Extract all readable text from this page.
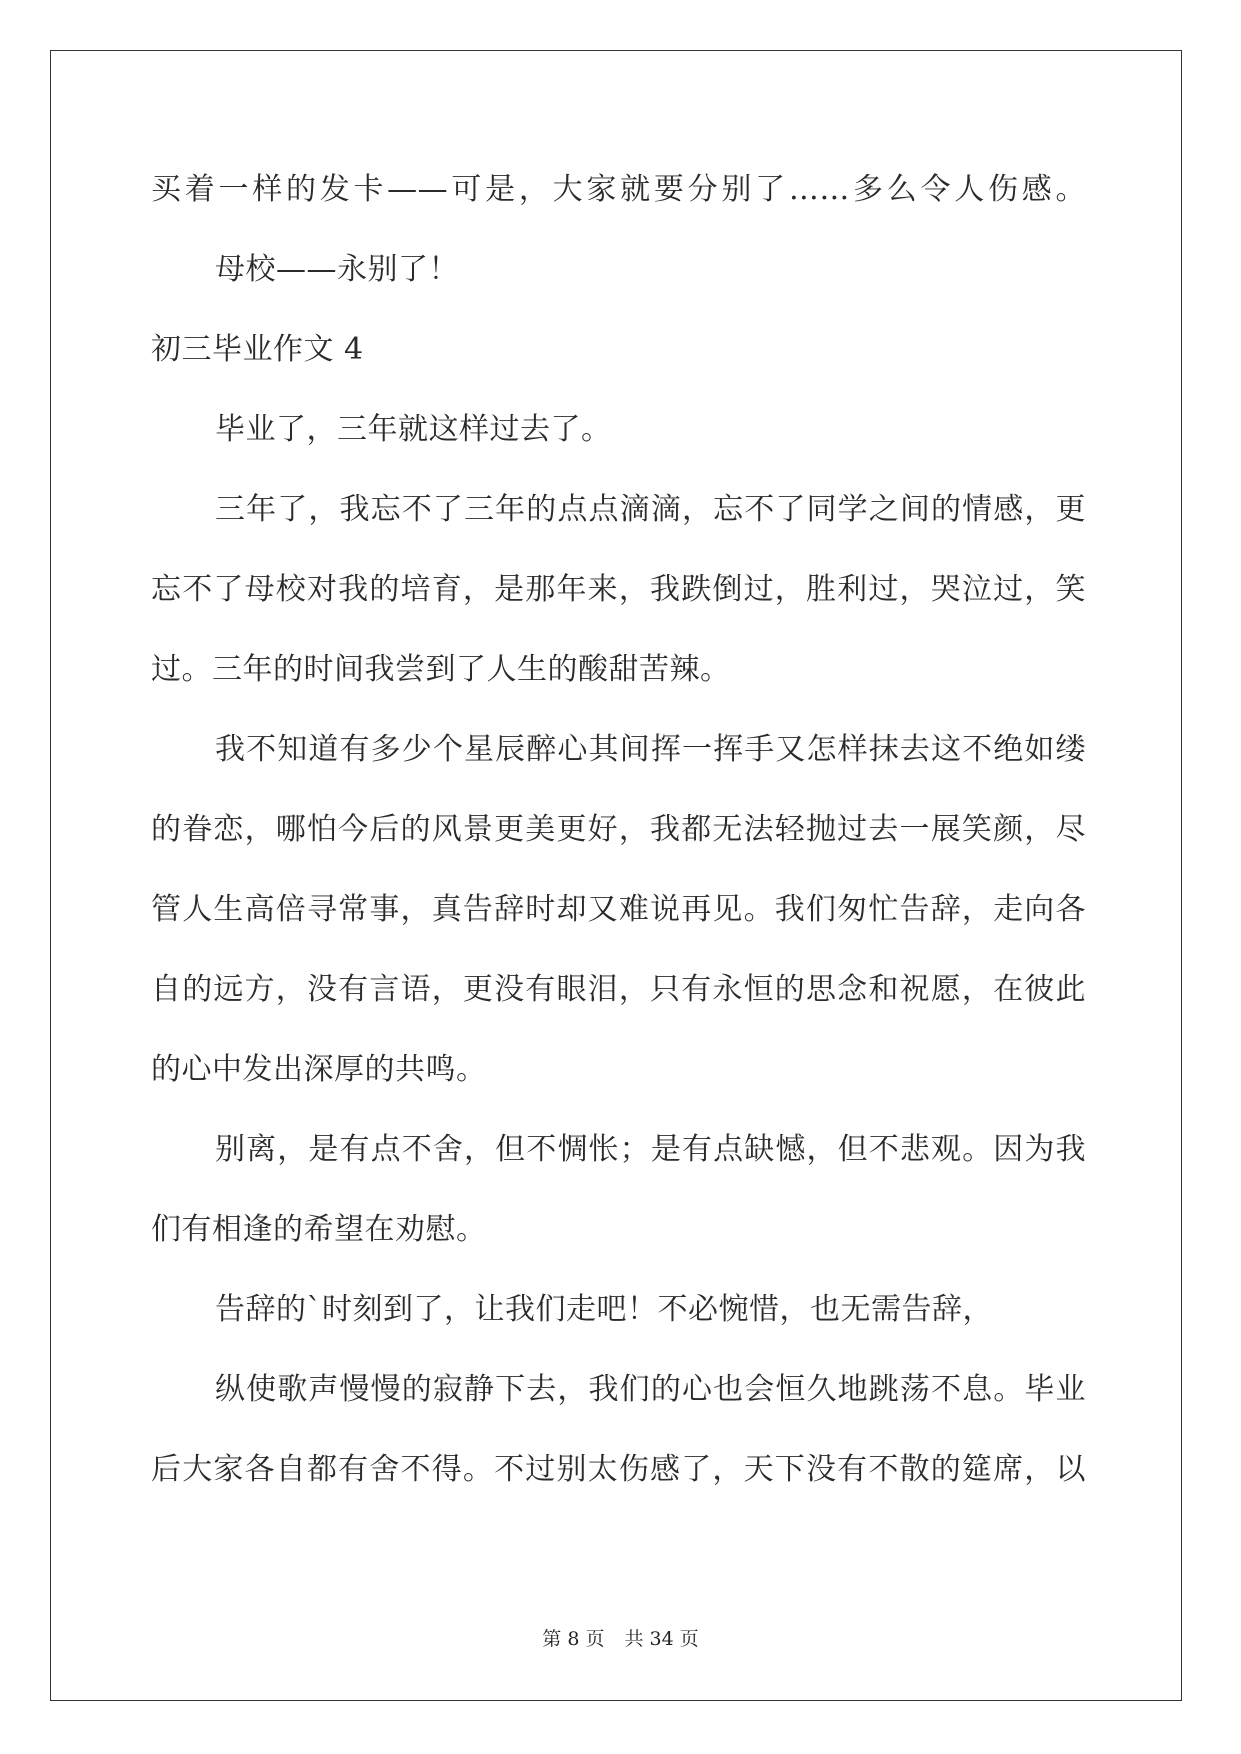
买着一样的发卡——可是，大家就要分别了……多么令人伤感。
母校——永别了！
初三毕业作文 4
毕业了，三年就这样过去了。
三年了，我忘不了三年的点点滴滴，忘不了同学之间的情感，更
忘不了母校对我的培育，是那年来，我跌倒过，胜利过，哭泣过，笑
过。三年的时间我尝到了人生的酸甜苦辣。
我不知道有多少个星辰醉心其间挥一挥手又怎样抹去这不绝如缕
的眷恋，哪怕今后的风景更美更好，我都无法轻抛过去一展笑颜，尽
管人生高倍寻常事，真告辞时却又难说再见。我们匆忙告辞，走向各
自的远方，没有言语，更没有眼泪，只有永恒的思念和祝愿，在彼此
的心中发出深厚的共鸣。
别离，是有点不舍，但不惆怅；是有点缺憾，但不悲观。因为我
们有相逢的希望在劝慰。
告辞的`时刻到了，让我们走吧！不必惋惜，也无需告辞，
纵使歌声慢慢的寂静下去，我们的心也会恒久地跳荡不息。毕业
后大家各自都有舍不得。不过别太伤感了，天下没有不散的筵席，以
第 8 页 共 34 页
